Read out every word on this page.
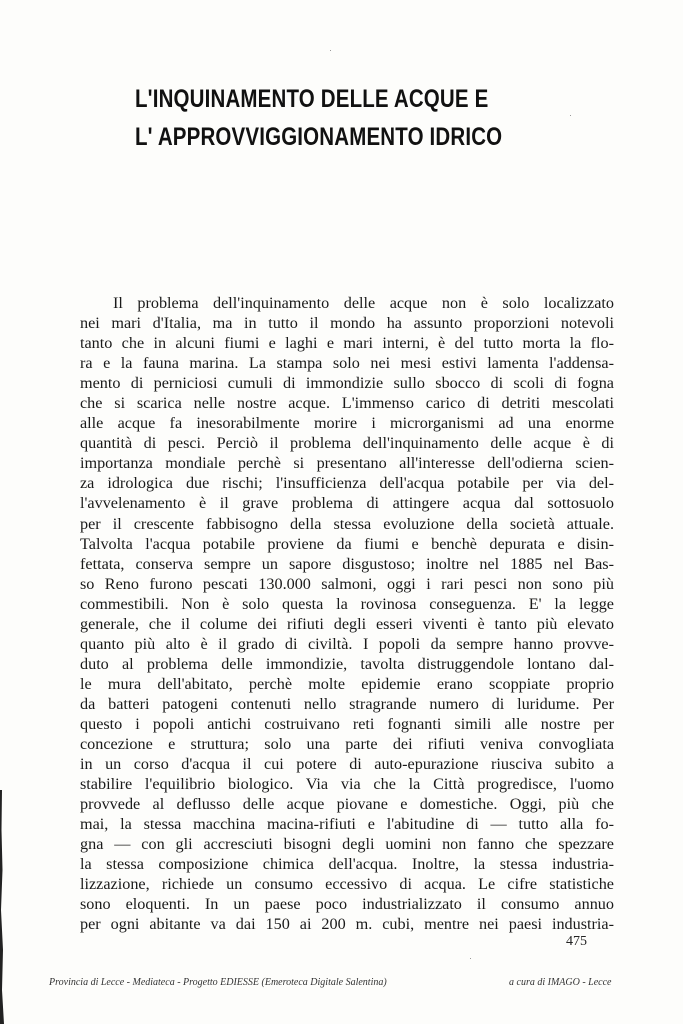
L'INQUINAMENTO DELLE ACQUE E
L' APPROVVIGGIONAMENTO IDRICO
Il problema dell'inquinamento delle acque non è solo localizzato
nei mari d'Italia, ma in tutto il mondo ha assunto proporzioni notevoli
tanto che in alcuni fiumi e laghi e mari interni, è del tutto morta la flo-
ra e la fauna marina. La stampa solo nei mesi estivi lamenta l'addensa-
mento di perniciosi cumuli di immondizie sullo sbocco di scoli di fogna
che si scarica nelle nostre acque. L'immenso carico di detriti mescolati
alle acque fa inesorabilmente morire i microrganismi ad una enorme
quantità di pesci. Perciò il problema dell'inquinamento delle acque è di
importanza mondiale perchè si presentano all'interesse dell'odierna scien-
za idrologica due rischi; l'insufficienza dell'acqua potabile per via del-
l'avvelenamento è il grave problema di attingere acqua dal sottosuolo
per il crescente fabbisogno della stessa evoluzione della società attuale.
Talvolta l'acqua potabile proviene da fiumi e benchè depurata e disin-
fettata, conserva sempre un sapore disgustoso; inoltre nel 1885 nel Bas-
so Reno furono pescati 130.000 salmoni, oggi i rari pesci non sono più
commestibili. Non è solo questa la rovinosa conseguenza. E' la legge
generale, che il colume dei rifiuti degli esseri viventi è tanto più elevato
quanto più alto è il grado di civiltà. I popoli da sempre hanno provve-
duto al problema delle immondizie, tavolta distruggendole lontano dal-
le mura dell'abitato, perchè molte epidemie erano scoppiate proprio
da batteri patogeni contenuti nello stragrande numero di luridume. Per
questo i popoli antichi costruivano reti fognanti simili alle nostre per
concezione e struttura; solo una parte dei rifiuti veniva convogliata
in un corso d'acqua il cui potere di auto-epurazione riusciva subito a
stabilire l'equilibrio biologico. Via via che la Città progredisce, l'uomo
provvede al deflusso delle acque piovane e domestiche. Oggi, più che
mai, la stessa macchina macina-rifiuti e l'abitudine di — tutto alla fo-
gna — con gli accresciuti bisogni degli uomini non fanno che spezzare
la stessa composizione chimica dell'acqua. Inoltre, la stessa industria-
lizzazione, richiede un consumo eccessivo di acqua. Le cifre statistiche
sono eloquenti. In un paese poco industrializzato il consumo annuo
per ogni abitante va dai 150 ai 200 m. cubi, mentre nei paesi industria-
475
Provincia di Lecce - Mediateca - Progetto EDIESSE (Emeroteca Digitale Salentina)	a cura di IMAGO - Lecce
